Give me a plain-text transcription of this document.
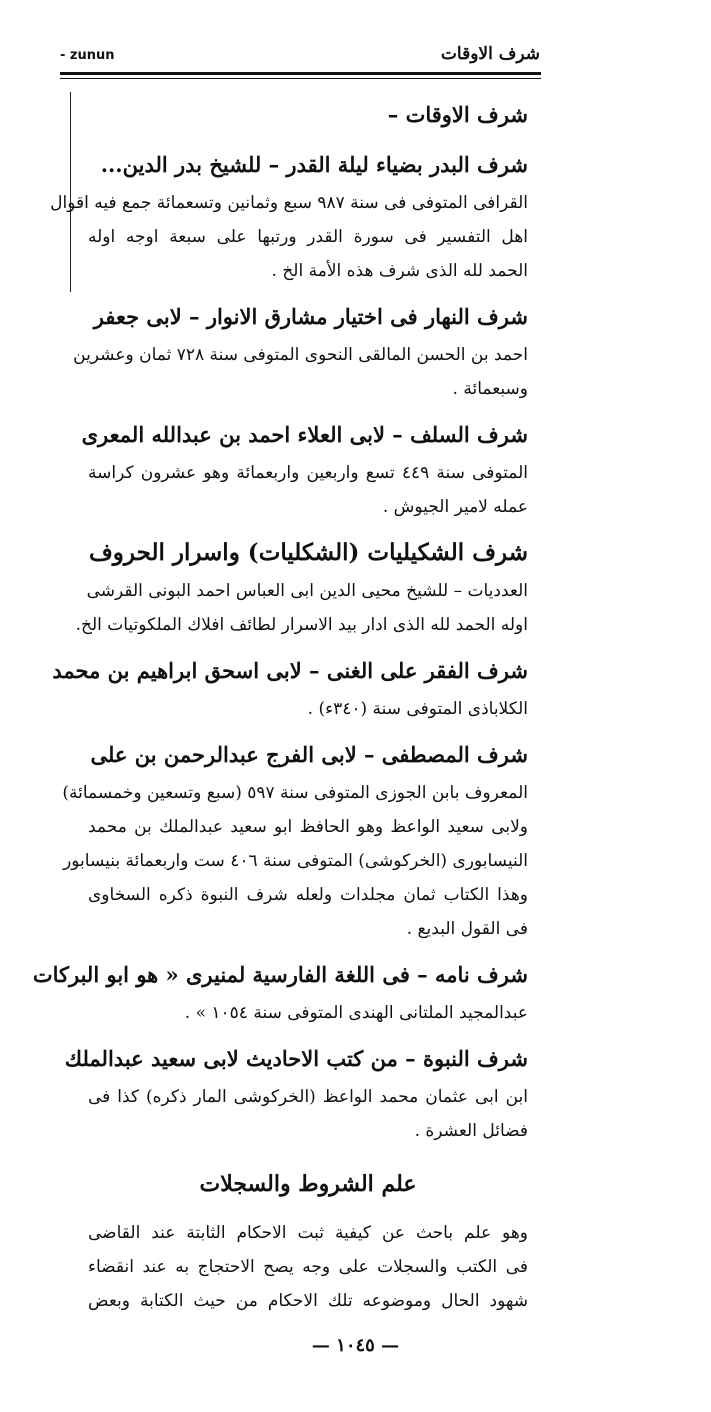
شرف الاوقات
- zunun
شرف الاوقات –
شرف البدر بضياء ليلة القدر – للشيخ بدر الدين...
القرافى المتوفى فى سنة ٩٨٧ سبع وثمانين وتسعمائة جمع فيه اقوال
اهل التفسير فى سورة القدر ورتبها على سبعة اوجه اوله
الحمد لله الذى شرف هذه الأمة الخ .
شرف النهار فى اختيار مشارق الانوار – لابى جعفر
احمد بن الحسن المالقى النحوى المتوفى سنة ٧٢٨ ثمان وعشرين
وسبعمائة .
شرف السلف – لابى العلاء احمد بن عبدالله المعرى
المتوفى سنة ٤٤٩ تسع واربعين واربعمائة وهو عشرون كراسة
عمله لامير الجيوش .
شرف الشكيليات (الشكليات) واسرار الحروف
العدديات – للشيخ محيى الدين ابى العباس احمد البونى القرشى
اوله الحمد لله الذى ادار بيد الاسرار لطائف افلاك الملكوتيات الخ.
شرف الفقر على الغنى – لابى اسحق ابراهيم بن محمد
الكلاباذى المتوفى سنة (٣٤٠ء) .
شرف المصطفى – لابى الفرج عبدالرحمن بن على
المعروف بابن الجوزى المتوفى سنة ٥٩٧ (سبع وتسعين وخمسمائة)
ولابى سعيد الواعظ وهو الحافظ ابو سعيد عبدالملك بن محمد
النيسابورى (الخركوشى) المتوفى سنة ٤٠٦ ست واربعمائة بنيسابور
وهذا الكتاب ثمان مجلدات ولعله شرف النبوة ذكره السخاوى
فى القول البديع .
شرف نامه – فى اللغة الفارسية لمنيرى « هو ابو البركات
عبدالمجيد الملتانى الهندى المتوفى سنة ١٠٥٤ » .
شرف النبوة – من كتب الاحاديث لابى سعيد عبدالملك
ابن ابى عثمان محمد الواعظ (الخركوشى المار ذكره) كذا فى
فضائل العشرة .
علم الشروط والسجلات
وهو علم باحث عن كيفية ثبت الاحكام الثابتة عند القاضى
فى الكتب والسجلات على وجه يصح الاحتجاج به عند انقضاء
شهود الحال وموضوعه تلك الاحكام من حيث الكتابة وبعض
— ١٠٤٥ —
